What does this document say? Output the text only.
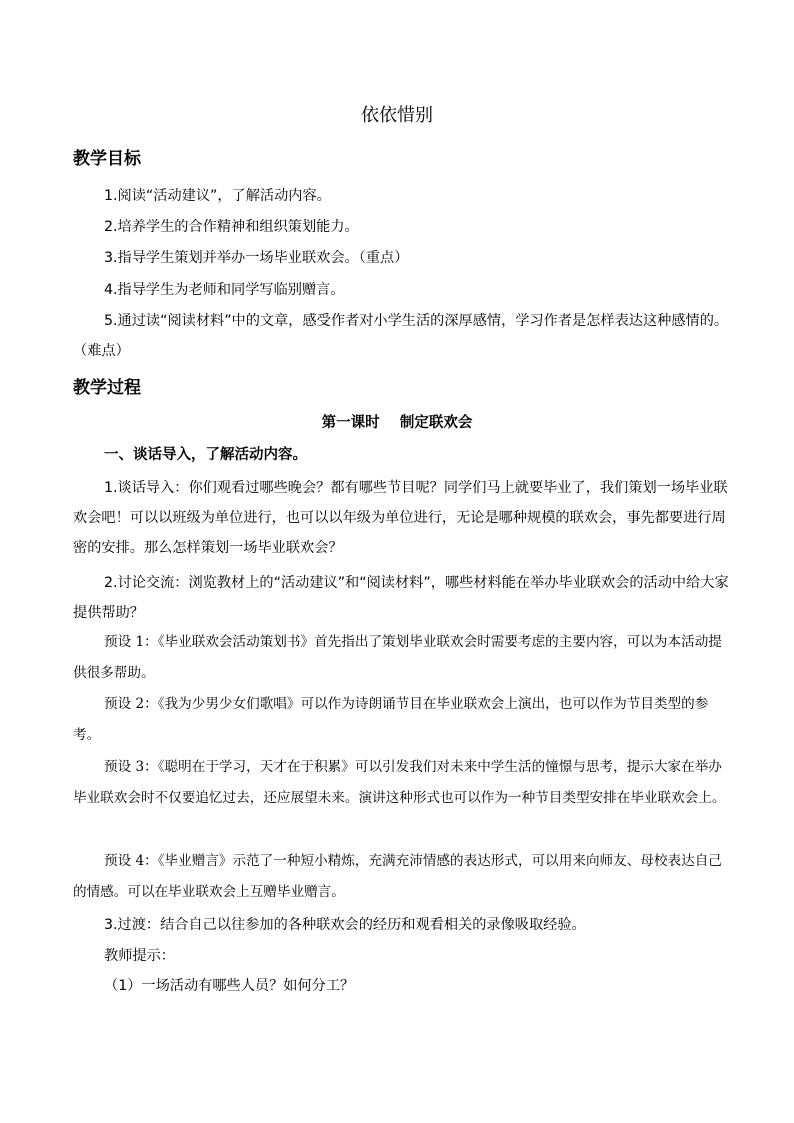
依依惜别
教学目标
1.阅读“活动建议”，了解活动内容。
2.培养学生的合作精神和组织策划能力。
3.指导学生策划并举办一场毕业联欢会。（重点）
4.指导学生为老师和同学写临别赠言。
5.通过读“阅读材料”中的文章，感受作者对小学生活的深厚感情，学习作者是怎样表达这种感情的。（难点）
教学过程
第一课时    制定联欢会
一、谈话导入，了解活动内容。
1.谈话导入：你们观看过哪些晚会？都有哪些节目呢？同学们马上就要毕业了，我们策划一场毕业联欢会吧！可以以班级为单位进行，也可以以年级为单位进行，无论是哪种规模的联欢会，事先都要进行周密的安排。那么怎样策划一场毕业联欢会？
2.讨论交流：浏览教材上的“活动建议”和“阅读材料”，哪些材料能在举办毕业联欢会的活动中给大家提供帮助？
预设 1：《毕业联欢会活动策划书》首先指出了策划毕业联欢会时需要考虑的主要内容，可以为本活动提供很多帮助。
预设 2：《我为少男少女们歌唱》可以作为诗朗诵节目在毕业联欢会上演出，也可以作为节目类型的参考。
预设 3：《聪明在于学习，天才在于积累》可以引发我们对未来中学生活的憧憬与思考，提示大家在举办毕业联欢会时不仅要追忆过去，还应展望未来。演讲这种形式也可以作为一种节目类型安排在毕业联欢会上。
预设 4：《毕业赠言》示范了一种短小精炼，充满充沛情感的表达形式，可以用来向师友、母校表达自己的情感。可以在毕业联欢会上互赠毕业赠言。
3.过渡：结合自己以往参加的各种联欢会的经历和观看相关的录像吸取经验。
教师提示：
（1）一场活动有哪些人员？如何分工？
